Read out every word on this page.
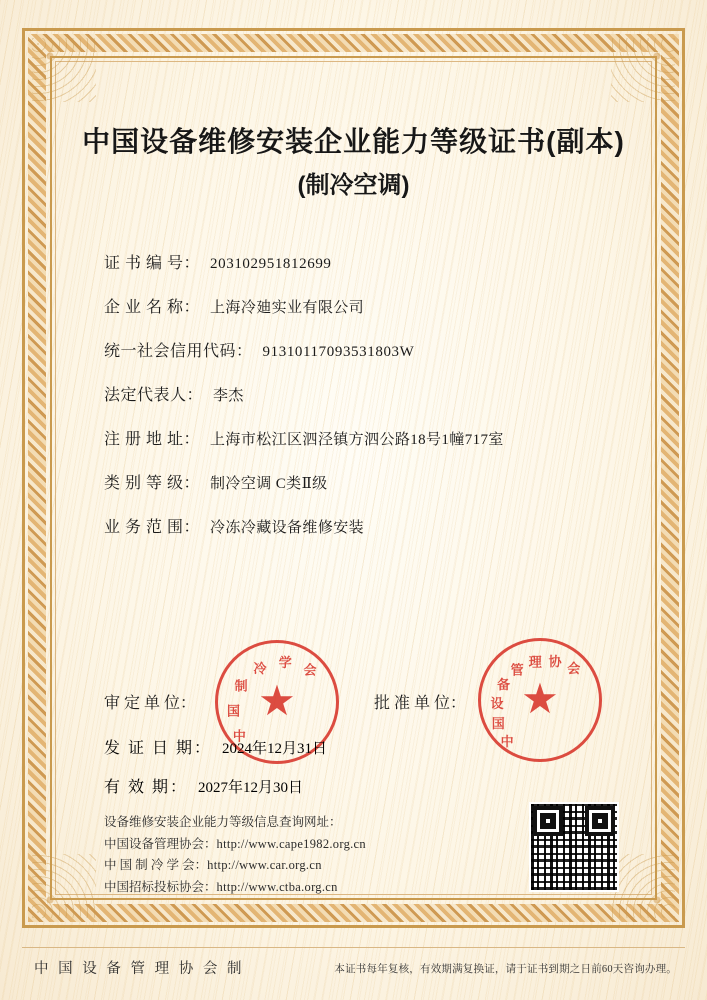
中国设备维修安装企业能力等级证书(副本)
(制冷空调)
证 书 编 号： 203102951812699
企 业 名 称： 上海冷廸实业有限公司
统一社会信用代码： 91310117093531803W
法定代表人： 李杰
注 册 地 址： 上海市松江区泗泾镇方泗公路18号1幢717室
类 别 等 级： 制冷空调 C类Ⅱ级
业 务 范 围： 冷冻冷藏设备维修安装
中
国
制
冷 学
会
中
国
设
备
管
理 协 会
审 定 单 位：	批 准 单 位：
发 证 日 期： 2024年12月31日
有 效 期： 2027年12月30日
设备维修安装企业能力等级信息查询网址：
中国设备管理协会：http://www.cape1982.org.cn
中 国 制 冷 学 会：http://www.car.org.cn
中国招标投标协会：http://www.ctba.org.cn
中 国 设 备 管 理 协 会 制	本证书每年复核，有效期满复换证，请于证书到期之日前60天咨询办理。
